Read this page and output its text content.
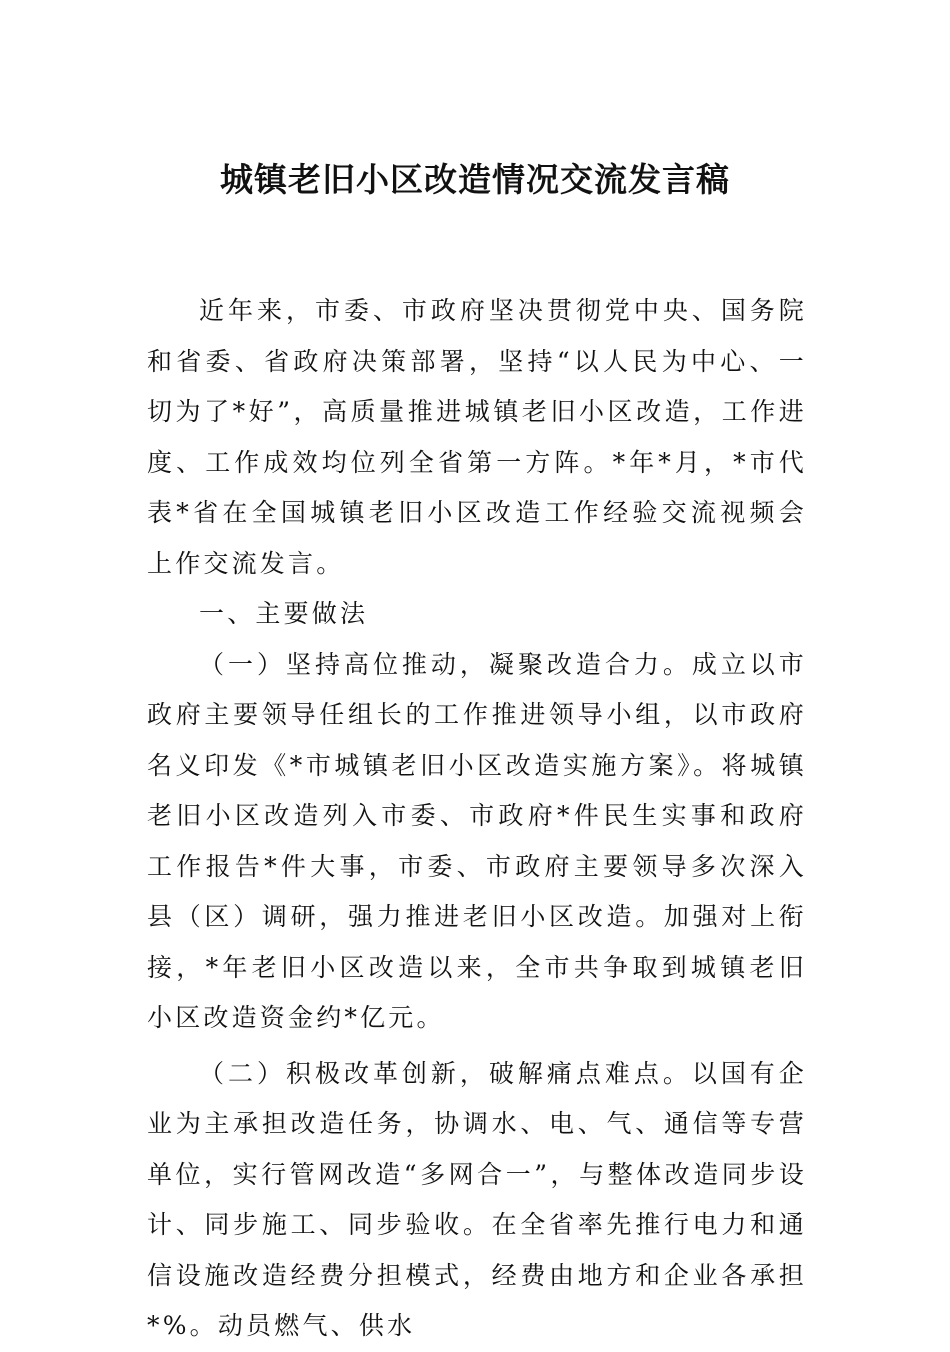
城镇老旧小区改造情况交流发言稿

近年来，市委、市政府坚决贯彻党中央、国务院和省委、省政府决策部署，坚持“以人民为中心、一切为了*好”，高质量推进城镇老旧小区改造，工作进度、工作成效均位列全省第一方阵。*年*月，*市代表*省在全国城镇老旧小区改造工作经验交流视频会上作交流发言。

一、主要做法

（一）坚持高位推动，凝聚改造合力。成立以市政府主要领导任组长的工作推进领导小组，以市政府名义印发《*市城镇老旧小区改造实施方案》。将城镇老旧小区改造列入市委、市政府*件民生实事和政府工作报告*件大事，市委、市政府主要领导多次深入县（区）调研，强力推进老旧小区改造。加强对上衔接，*年老旧小区改造以来，全市共争取到城镇老旧小区改造资金约*亿元。

（二）积极改革创新，破解痛点难点。以国有企业为主承担改造任务，协调水、电、气、通信等专营单位，实行管网改造“多网合一”，与整体改造同步设计、同步施工、同步验收。在全省率先推行电力和通信设施改造经费分担模式，经费由地方和企业各承担*%。动员燃气、供水
